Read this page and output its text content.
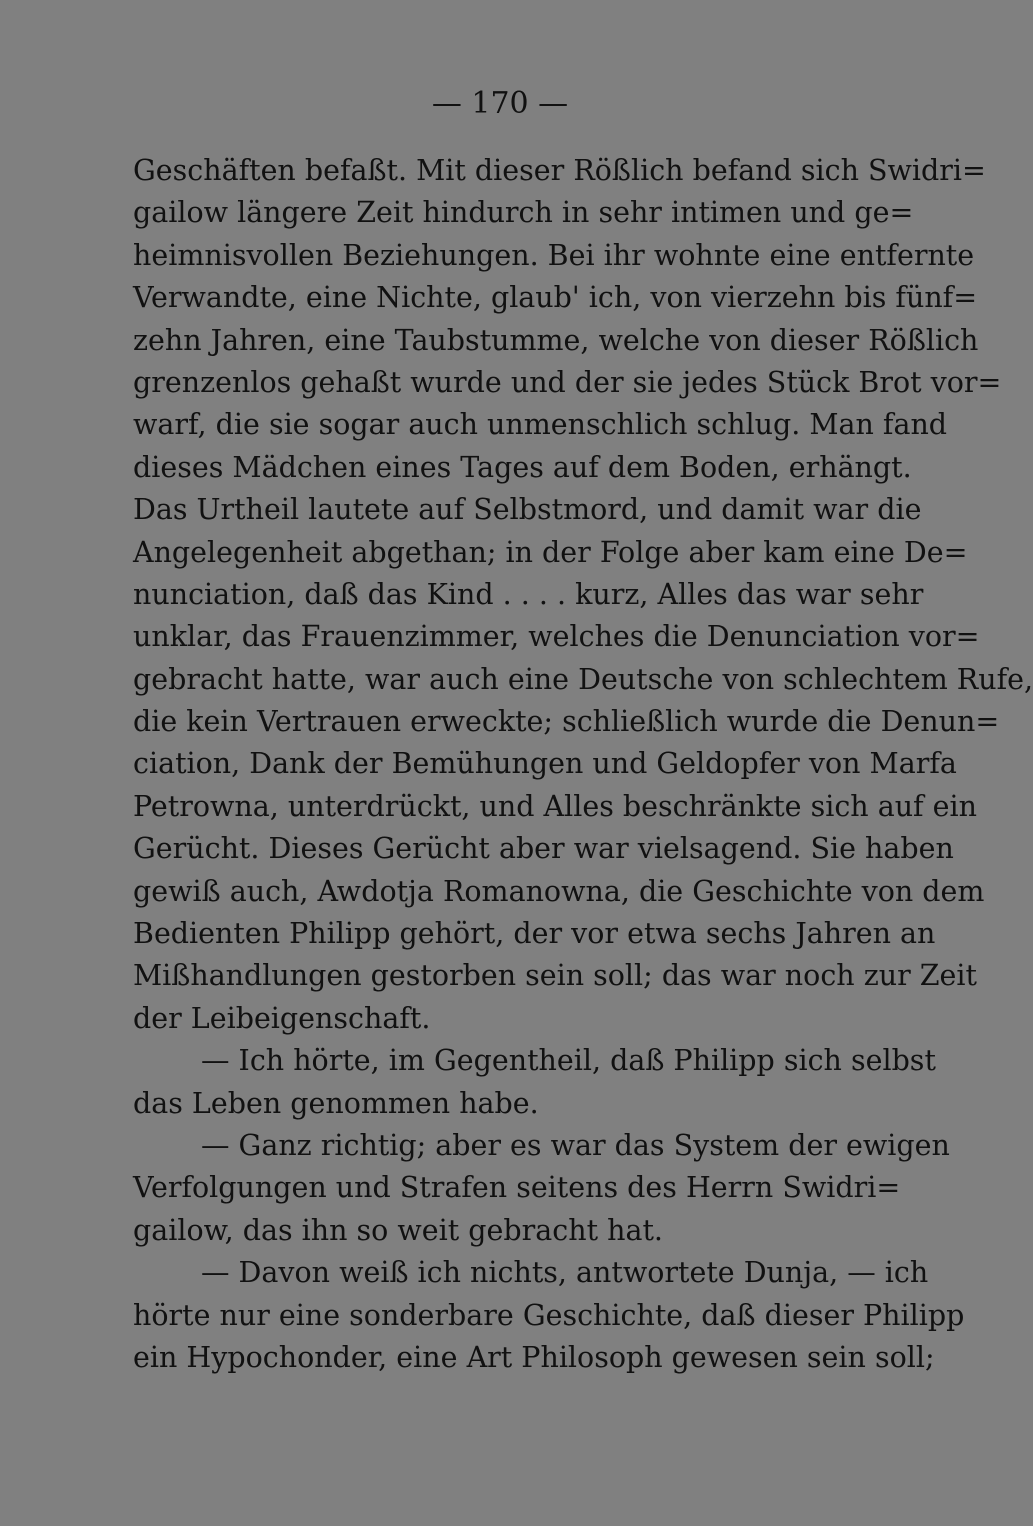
— 170 —
Geschäften befaßt. Mit dieser Rößlich befand sich Swidri=
gailow längere Zeit hindurch in sehr intimen und ge=
heimnisvollen Beziehungen. Bei ihr wohnte eine entfernte
Verwandte, eine Nichte, glaub' ich, von vierzehn bis fünf=
zehn Jahren, eine Taubstumme, welche von dieser Rößlich
grenzenlos gehaßt wurde und der sie jedes Stück Brot vor=
warf, die sie sogar auch unmenschlich schlug. Man fand
dieses Mädchen eines Tages auf dem Boden, erhängt.
Das Urtheil lautete auf Selbstmord, und damit war die
Angelegenheit abgethan; in der Folge aber kam eine De=
nunciation, daß das Kind . . . . kurz, Alles das war sehr
unklar, das Frauenzimmer, welches die Denunciation vor=
gebracht hatte, war auch eine Deutsche von schlechtem Rufe,
die kein Vertrauen erweckte; schließlich wurde die Denun=
ciation, Dank der Bemühungen und Geldopfer von Marfa
Petrowna, unterdrückt, und Alles beschränkte sich auf ein
Gerücht. Dieses Gerücht aber war vielsagend. Sie haben
gewiß auch, Awdotja Romanowna, die Geschichte von dem
Bedienten Philipp gehört, der vor etwa sechs Jahren an
Mißhandlungen gestorben sein soll; das war noch zur Zeit
der Leibeigenschaft.
— Ich hörte, im Gegentheil, daß Philipp sich selbst
das Leben genommen habe.
— Ganz richtig; aber es war das System der ewigen
Verfolgungen und Strafen seitens des Herrn Swidri=
gailow, das ihn so weit gebracht hat.
— Davon weiß ich nichts, antwortete Dunja, — ich
hörte nur eine sonderbare Geschichte, daß dieser Philipp
ein Hypochonder, eine Art Philosoph gewesen sein soll;
